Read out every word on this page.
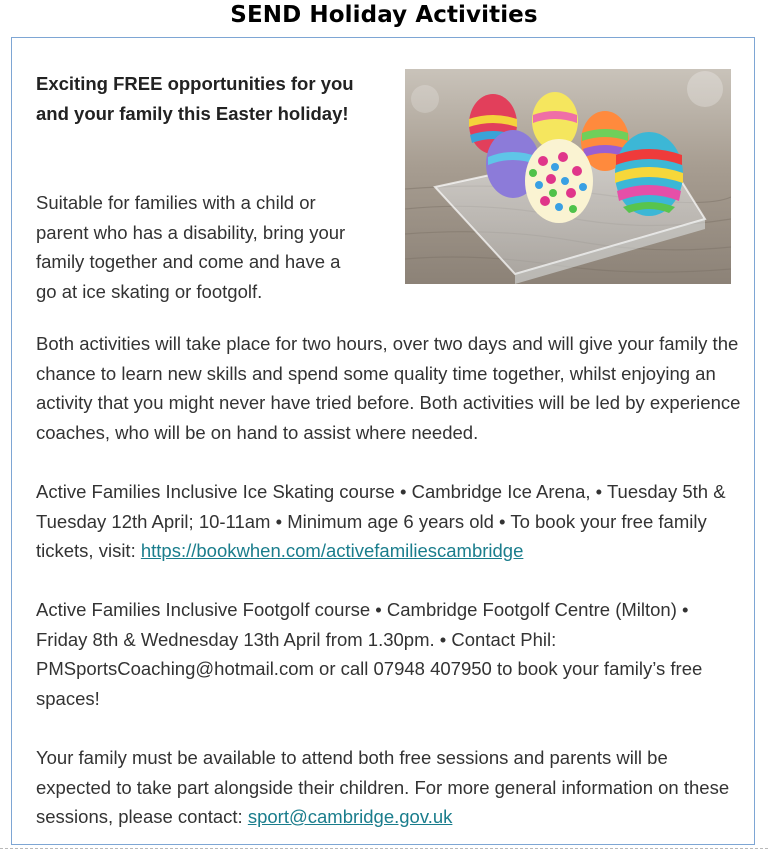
SEND Holiday Activities

Exciting FREE opportunities for you and your family this Easter holiday!

Suitable for families with a child or parent who has a disability, bring your family together and come and have a go at ice skating or footgolf.

Both activities will take place for two hours, over two days and will give your family the chance to learn new skills and spend some quality time together, whilst enjoying an activity that you might never have tried before. Both activities will be led by experience coaches, who will be on hand to assist where needed.

Active Families Inclusive Ice Skating course • Cambridge Ice Arena, • Tuesday 5th & Tuesday 12th April; 10-11am • Minimum age 6 years old • To book your free family tickets, visit: https://bookwhen.com/activefamiliescambridge

Active Families Inclusive Footgolf course • Cambridge Footgolf Centre (Milton) • Friday 8th & Wednesday 13th April from 1.30pm. • Contact Phil: PMSportsCoaching@hotmail.com or call 07948 407950 to book your family’s free spaces!

Your family must be available to attend both free sessions and parents will be expected to take part alongside their children. For more general information on these sessions, please contact: sport@cambridge.gov.uk
